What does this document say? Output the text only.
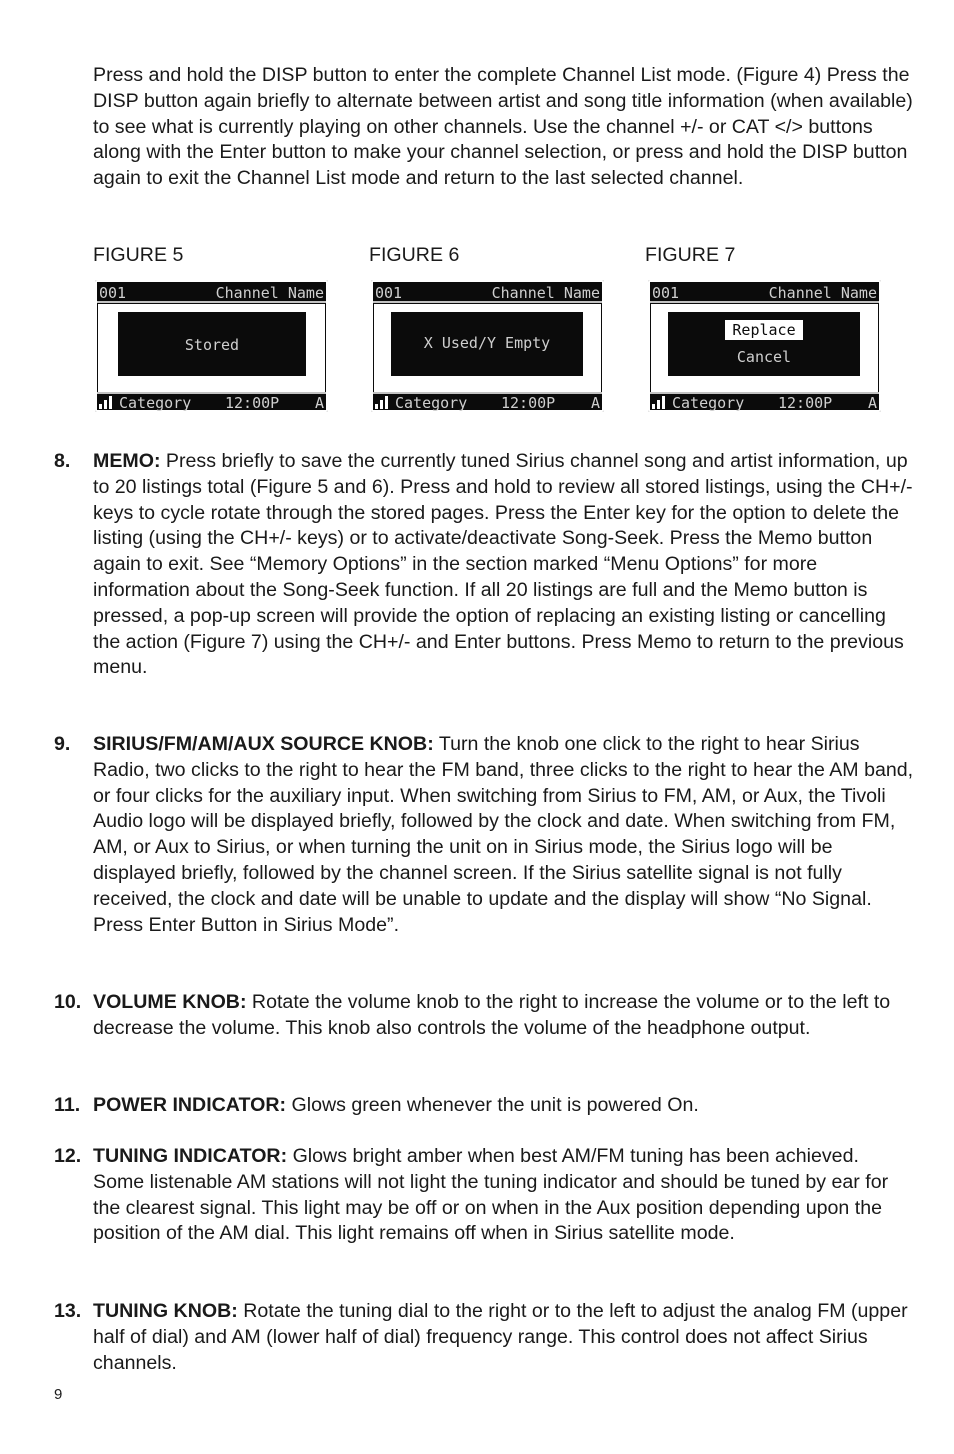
Press and hold the DISP button to enter the complete Channel List mode. (Figure 4) Press the DISP button again briefly to alternate between artist and song title information (when available) to see what is currently playing on other channels. Use the channel +/- or CAT </> buttons along with the Enter button to make your channel selection, or press and hold the DISP button again to exit the Channel List mode and return to the last selected channel.

FIGURE 5
001	Channel Name
Stored
Category 12:00P A
FIGURE 6
001	Channel Name
X Used/Y Empty
Category 12:00P A
FIGURE 7
001	Channel Name
Replace
Cancel
Category 12:00P A
8. MEMO: Press briefly to save the currently tuned Sirius channel song and artist information, up to 20 listings total (Figure 5 and 6). Press and hold to review all stored listings, using the CH+/- keys to cycle rotate through the stored pages. Press the Enter key for the option to delete the listing (using the CH+/- keys) or to activate/deactivate Song-Seek. Press the Memo button again to exit. See “Memory Options” in the section marked “Menu Options” for more information about the Song-Seek function. If all 20 listings are full and the Memo button is pressed, a pop-up screen will provide the option of replacing an existing listing or cancelling the action (Figure 7) using the CH+/- and Enter buttons. Press Memo to return to the previous menu.
9. SIRIUS/FM/AM/AUX SOURCE KNOB: Turn the knob one click to the right to hear Sirius Radio, two clicks to the right to hear the FM band, three clicks to the right to hear the AM band, or four clicks for the auxiliary input. When switching from Sirius to FM, AM, or Aux, the Tivoli Audio logo will be displayed briefly, followed by the clock and date. When switching from FM, AM, or Aux to Sirius, or when turning the unit on in Sirius mode, the Sirius logo will be displayed briefly, followed by the channel screen. If the Sirius satellite signal is not fully received, the clock and date will be unable to update and the display will show “No Signal. Press Enter Button in Sirius Mode”.
10. VOLUME KNOB: Rotate the volume knob to the right to increase the volume or to the left to decrease the volume. This knob also controls the volume of the headphone output.
11. POWER INDICATOR: Glows green whenever the unit is powered On.
12. TUNING INDICATOR: Glows bright amber when best AM/FM tuning has been achieved. Some listenable AM stations will not light the tuning indicator and should be tuned by ear for the clearest signal. This light may be off or on when in the Aux position depending upon the position of the AM dial. This light remains off when in Sirius satellite mode.
13. TUNING KNOB: Rotate the tuning dial to the right or to the left to adjust the analog FM (upper half of dial) and AM (lower half of dial) frequency range. This control does not affect Sirius channels.
9
